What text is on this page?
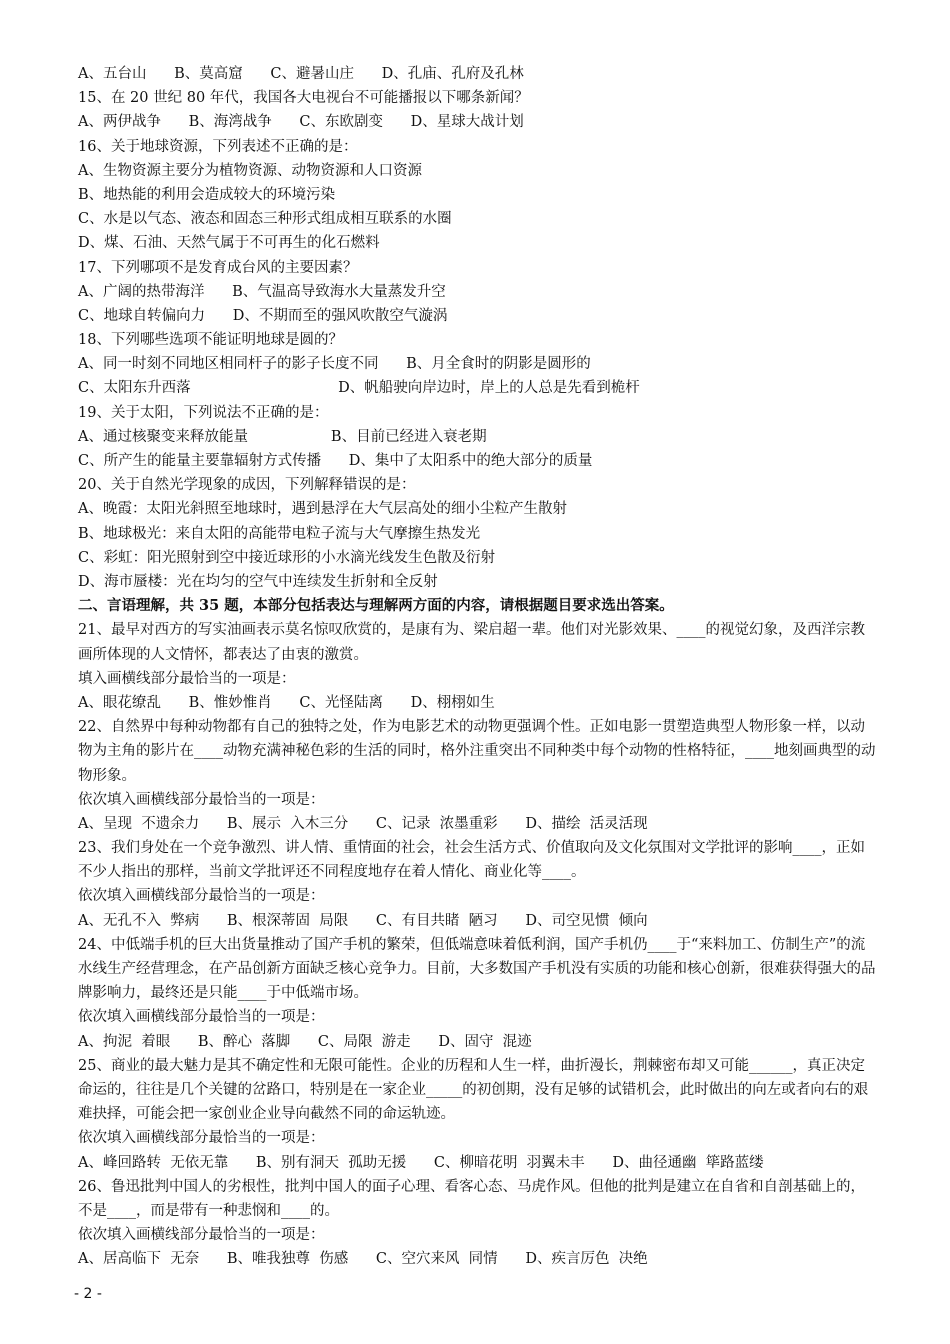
A、五台山      B、莫高窟      C、避暑山庄      D、孔庙、孔府及孔林
15、在 20 世纪 80 年代，我国各大电视台不可能播报以下哪条新闻？
A、两伊战争      B、海湾战争      C、东欧剧变      D、星球大战计划
16、关于地球资源，下列表述不正确的是：
A、生物资源主要分为植物资源、动物资源和人口资源
B、地热能的利用会造成较大的环境污染
C、水是以气态、液态和固态三种形式组成相互联系的水圈
D、煤、石油、天然气属于不可再生的化石燃料
17、下列哪项不是发育成台风的主要因素？
A、广阔的热带海洋      B、气温高导致海水大量蒸发升空
C、地球自转偏向力      D、不期而至的强风吹散空气漩涡
18、下列哪些选项不能证明地球是圆的？
A、同一时刻不同地区相同杆子的影子长度不同      B、月全食时的阴影是圆形的
C、太阳东升西落                                D、帆船驶向岸边时，岸上的人总是先看到桅杆
19、关于太阳，下列说法不正确的是：
A、通过核聚变来释放能量                  B、目前已经进入衰老期
C、所产生的能量主要靠辐射方式传播      D、集中了太阳系中的绝大部分的质量
20、关于自然光学现象的成因，下列解释错误的是：
A、晚霞：太阳光斜照至地球时，遇到悬浮在大气层高处的细小尘粒产生散射
B、地球极光：来自太阳的高能带电粒子流与大气摩擦生热发光
C、彩虹：阳光照射到空中接近球形的小水滴光线发生色散及衍射
D、海市蜃楼：光在均匀的空气中连续发生折射和全反射
二、言语理解，共 35 题，本部分包括表达与理解两方面的内容，请根据题目要求选出答案。
21、最早对西方的写实油画表示莫名惊叹欣赏的，是康有为、梁启超一辈。他们对光影效果、____的视觉幻象，及西洋宗教画所体现的人文情怀，都表达了由衷的激赏。
填入画横线部分最恰当的一项是：
A、眼花缭乱      B、惟妙惟肖      C、光怪陆离      D、栩栩如生
22、自然界中每种动物都有自己的独特之处，作为电影艺术的动物更强调个性。正如电影一贯塑造典型人物形象一样，以动物为主角的影片在____动物充满神秘色彩的生活的同时，格外注重突出不同种类中每个动物的性格特征，____地刻画典型的动物形象。
依次填入画横线部分最恰当的一项是：
A、呈现  不遗余力      B、展示  入木三分      C、记录  浓墨重彩      D、描绘  活灵活现
23、我们身处在一个竞争激烈、讲人情、重情面的社会，社会生活方式、价值取向及文化氛围对文学批评的影响____，正如不少人指出的那样，当前文学批评还不同程度地存在着人情化、商业化等____。
依次填入画横线部分最恰当的一项是：
A、无孔不入  弊病      B、根深蒂固  局限      C、有目共睹  陋习      D、司空见惯  倾向
24、中低端手机的巨大出货量推动了国产手机的繁荣，但低端意味着低利润，国产手机仍____于“来料加工、仿制生产”的流水线生产经营理念，在产品创新方面缺乏核心竞争力。目前，大多数国产手机没有实质的功能和核心创新，很难获得强大的品牌影响力，最终还是只能____于中低端市场。
依次填入画横线部分最恰当的一项是：
A、拘泥  着眼      B、醉心  落脚      C、局限  游走      D、固守  混迹
25、商业的最大魅力是其不确定性和无限可能性。企业的历程和人生一样，曲折漫长，荆棘密布却又可能______，真正决定命运的，往往是几个关键的岔路口，特别是在一家企业_____的初创期，没有足够的试错机会，此时做出的向左或者向右的艰难抉择，可能会把一家创业企业导向截然不同的命运轨迹。
依次填入画横线部分最恰当的一项是：
A、峰回路转  无依无靠      B、别有洞天  孤助无援      C、柳暗花明  羽翼未丰      D、曲径通幽  筚路蓝缕
26、鲁迅批判中国人的劣根性，批判中国人的面子心理、看客心态、马虎作风。但他的批判是建立在自省和自剖基础上的，不是____，而是带有一种悲悯和____的。
依次填入画横线部分最恰当的一项是：
A、居高临下  无奈      B、唯我独尊  伤感      C、空穴来风  同情      D、疾言厉色  决绝
- 2 -
